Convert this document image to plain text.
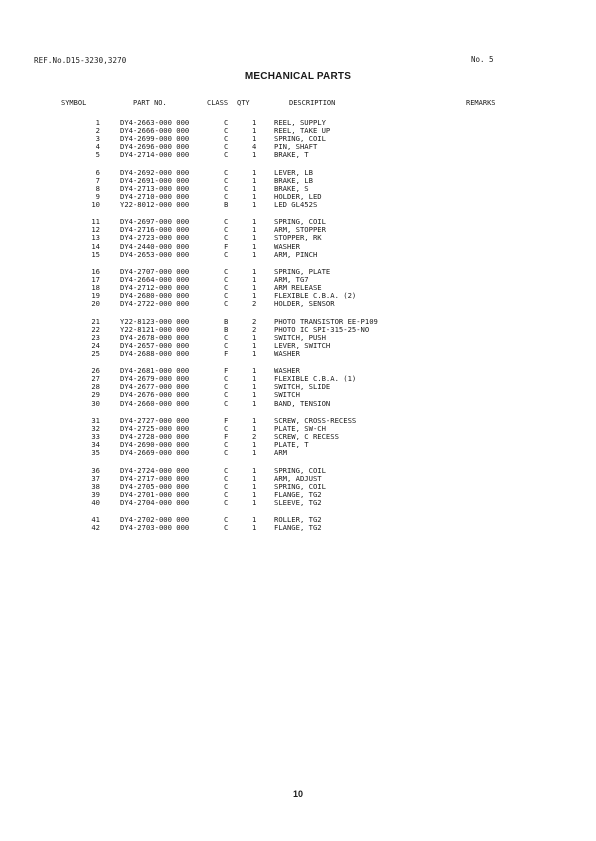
REF.No.D15-3230,3270	No. 5
MECHANICAL PARTS
SYMBOL	PART NO.	CLASS QTY	DESCRIPTION	REMARKS
1	DY4-2663-000 000	C	1 REEL, SUPPLY
2	DY4-2666-000 000	C	1 REEL, TAKE UP
3	DY4-2699-000 000	C	1 SPRING, COIL
4	DY4-2696-000 000	C	4 PIN, SHAFT
5	DY4-2714-000 000	C	1 BRAKE, T
6	DY4-2692-000 000	C	1 LEVER, LB
7	DY4-2691-000 000	C	1 BRAKE, LB
8	DY4-2713-000 000	C	1 BRAKE, S
9	DY4-2710-000 000	C	1 HOLDER, LED
10	Y22-8012-000 000	B	1 LED GL452S
11	DY4-2697-000 000	C	1 SPRING, COIL
12	DY4-2716-000 000	C	1 ARM, STOPPER
13	DY4-2723-000 000	C	1 STOPPER, RK
14	DY4-2440-000 000	F	1 WASHER
15	DY4-2653-000 000	C	1 ARM, PINCH
16	DY4-2707-000 000	C	1 SPRING, PLATE
17	DY4-2664-000 000	C	1 ARM, TG7
18	DY4-2712-000 000	C	1 ARM RELEASE
19	DY4-2680-000 000	C	1 FLEXIBLE C.B.A. (2)
20	DY4-2722-000 000	C	2 HOLDER, SENSOR
21	Y22-8123-000 000	B	2 PHOTO TRANSISTOR EE-P109
22	Y22-8121-000 000	B	2 PHOTO IC SPI-315-25-NO
23	DY4-2678-000 000	C	1 SWITCH, PUSH
24	DY4-2657-000 000	C	1 LEVER, SWITCH
25	DY4-2688-000 000	F	1 WASHER
26	DY4-2681-000 000	F	1 WASHER
27	DY4-2679-000 000	C	1 FLEXIBLE C.B.A. (1)
28	DY4-2677-000 000	C	1 SWITCH, SLIDE
29	DY4-2676-000 000	C	1 SWITCH
30	DY4-2660-000 000	C	1 BAND, TENSION
31	DY4-2727-000 000	F	1 SCREW, CROSS-RECESS
32	DY4-2725-000 000	C	1 PLATE, SW-CH
33	DY4-2728-000 000	F	2 SCREW, C RECESS
34	DY4-2690-000 000	C	1 PLATE, T
35	DY4-2669-000 000	C	1 ARM
36	DY4-2724-000 000	C	1 SPRING, COIL
37	DY4-2717-000 000	C	1 ARM, ADJUST
38	DY4-2705-000 000	C	1 SPRING, COIL
39	DY4-2701-000 000	C	1 FLANGE, TG2
40	DY4-2704-000 000	C	1 SLEEVE, TG2
41	DY4-2702-000 000	C	1 ROLLER, TG2
42	DY4-2703-000 000	C	1 FLANGE, TG2
10
